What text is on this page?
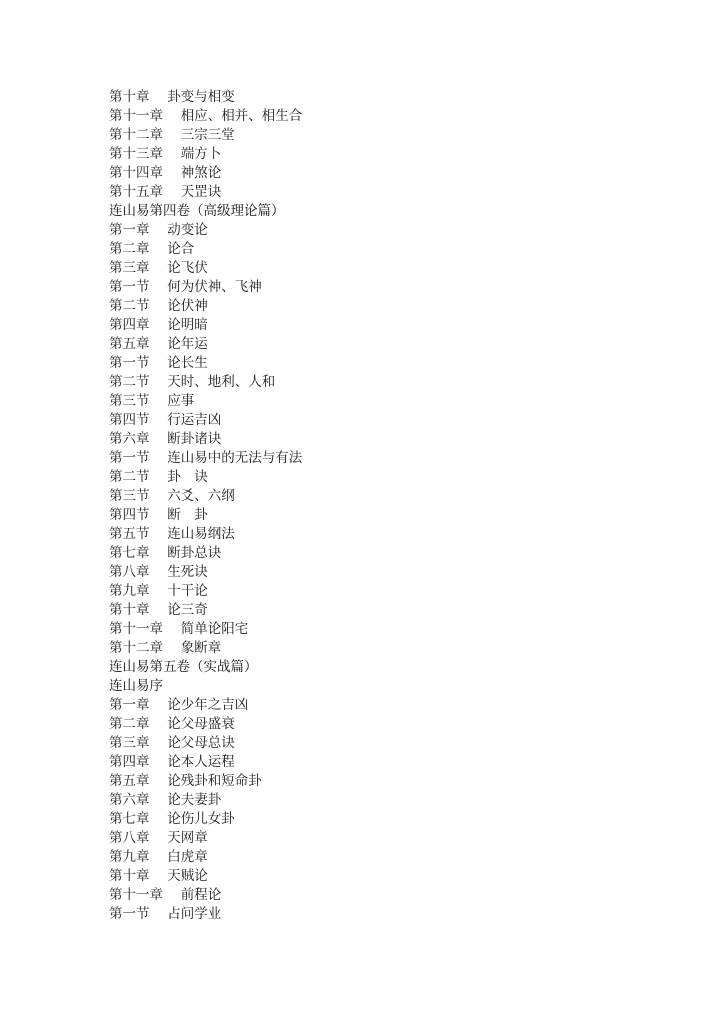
第十章　 卦变与相变
第十一章　 相应、相并、相生合
第十二章　 三宗三堂
第十三章　 端方卜
第十四章　 神煞论
第十五章　 天罡诀
连山易第四卷（高级理论篇）
第一章　 动变论
第二章　 论合
第三章　 论飞伏
第一节　 何为伏神、飞神
第二节　 论伏神
第四章　 论明暗
第五章　 论年运
第一节　 论长生
第二节　 天时、地利、人和
第三节　 应事
第四节　 行运吉凶
第六章　 断卦诸诀
第一节　 连山易中的无法与有法
第二节　 卦　诀
第三节　 六爻、六纲
第四节　 断　卦
第五节　 连山易纲法
第七章　 断卦总诀
第八章　 生死诀
第九章　 十干论
第十章　 论三奇
第十一章　 简单论阳宅
第十二章　 象断章
连山易第五卷（实战篇）
连山易序
第一章　 论少年之吉凶
第二章　 论父母盛衰
第三章　 论父母总诀
第四章　 论本人运程
第五章　 论残卦和短命卦
第六章　 论夫妻卦
第七章　 论伤儿女卦
第八章　 天网章
第九章　 白虎章
第十章　 天贼论
第十一章　 前程论
第一节　 占问学业
